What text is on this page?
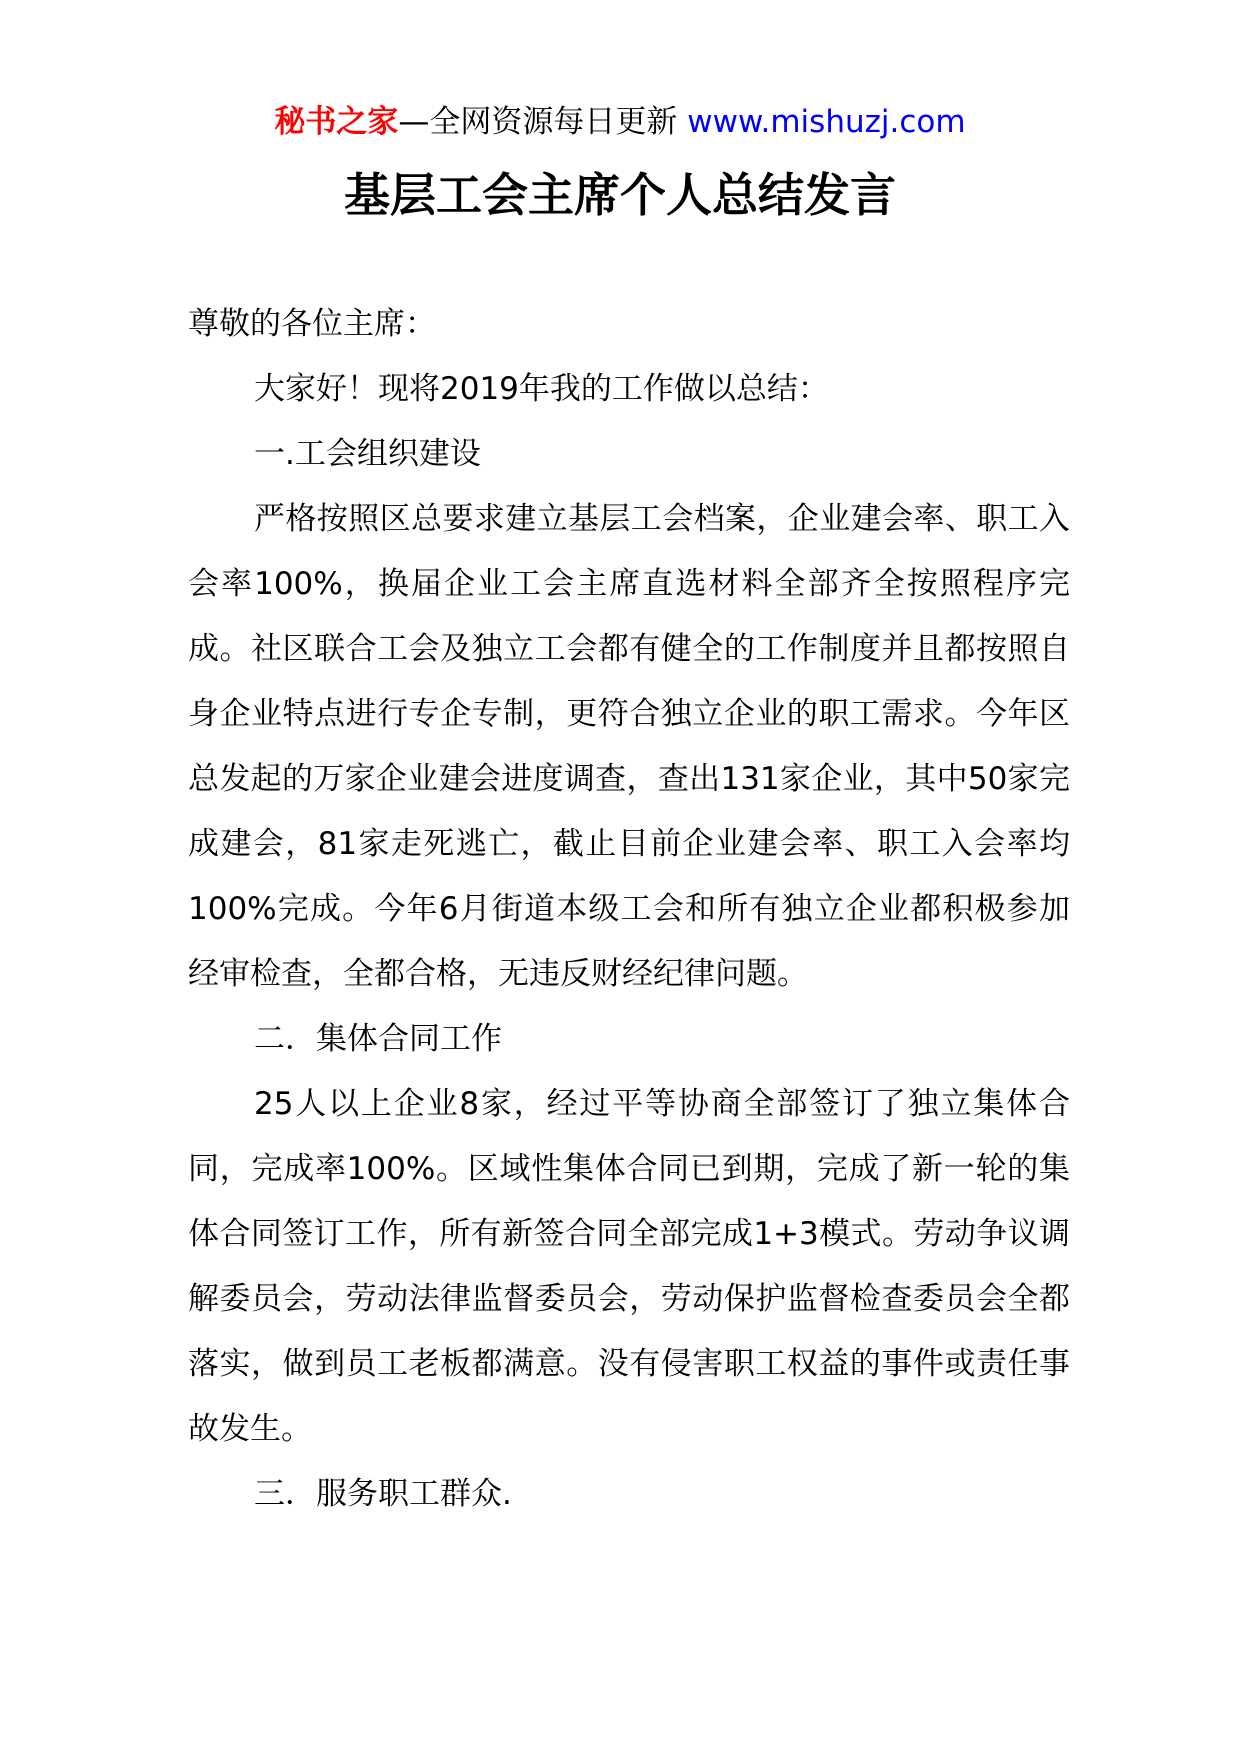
秘书之家—全网资源每日更新 www.mishuzj.com
基层工会主席个人总结发言

尊敬的各位主席：

大家好！现将2019年我的工作做以总结：

一.工会组织建设

严格按照区总要求建立基层工会档案，企业建会率、职工入会率100%，换届企业工会主席直选材料全部齐全按照程序完成。社区联合工会及独立工会都有健全的工作制度并且都按照自身企业特点进行专企专制，更符合独立企业的职工需求。今年区总发起的万家企业建会进度调查，查出131家企业，其中50家完成建会，81家走死逃亡，截止目前企业建会率、职工入会率均100%完成。今年6月街道本级工会和所有独立企业都积极参加经审检查，全都合格，无违反财经纪律问题。

二．集体合同工作

25人以上企业8家，经过平等协商全部签订了独立集体合同，完成率100%。区域性集体合同已到期，完成了新一轮的集体合同签订工作，所有新签合同全部完成1+3模式。劳动争议调解委员会，劳动法律监督委员会，劳动保护监督检查委员会全都落实，做到员工老板都满意。没有侵害职工权益的事件或责任事故发生。

三．服务职工群众.
